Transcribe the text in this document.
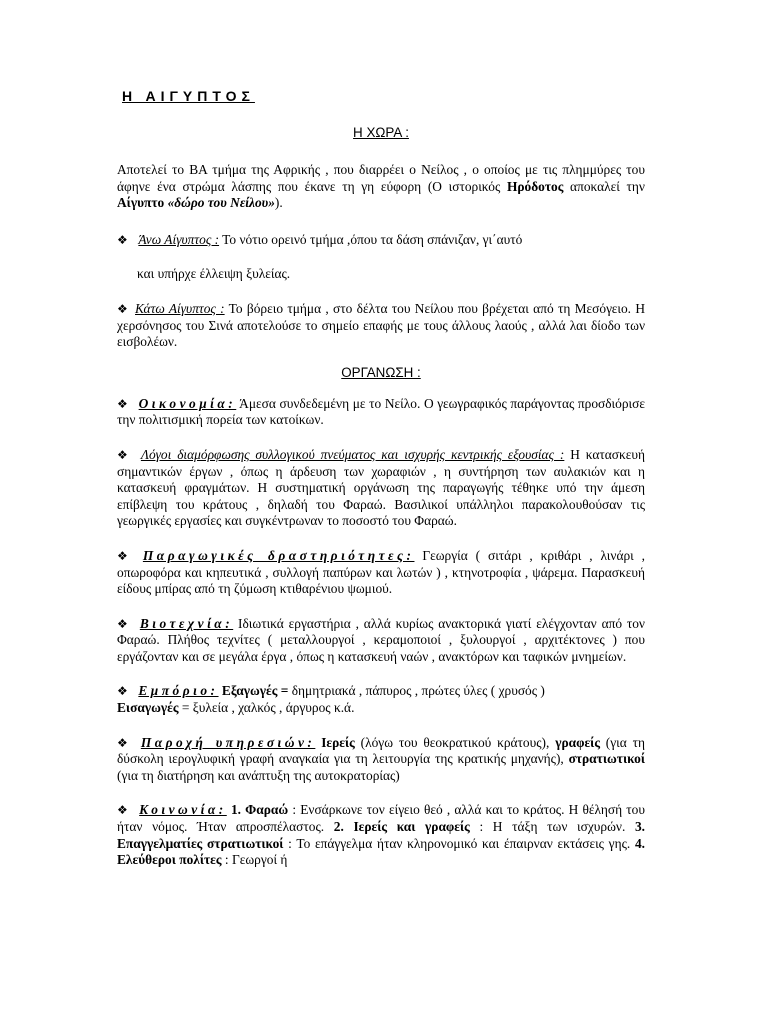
Η ΑΙΓΥΠΤΟΣ
Η ΧΩΡΑ :

Αποτελεί το ΒΑ τμήμα της Αφρικής , που διαρρέει ο Νείλος , ο οποίος με τις πλημμύρες του άφηνε ένα στρώμα λάσπης που έκανε τη γη εύφορη (Ο ιστορικός Ηρόδοτος αποκαλεί την Αίγυπτο «δώρο του Νείλου»).

❖ Άνω Αίγυπτος : Το νότιο ορεινό τμήμα ,όπου τα δάση σπάνιζαν, γι΄αυτό

και υπήρχε έλλειψη ξυλείας.

❖ Κάτω Αίγυπτος : Το βόρειο τμήμα , στο δέλτα του Νείλου που βρέχεται από τη Μεσόγειο. Η χερσόνησος του Σινά αποτελούσε το σημείο επαφής με τους άλλους λαούς , αλλά λαι δίοδο των εισβολέων.

ΟΡΓΑΝΩΣΗ :

❖ Οικονομία: Άμεσα συνδεδεμένη με το Νείλο. Ο γεωγραφικός παράγοντας προσδιόρισε την πολιτισμική πορεία των κατοίκων.

❖ Λόγοι διαμόρφωσης συλλογικού πνεύματος και ισχυρής κεντρικής εξουσίας : Η κατασκευή σημαντικών έργων , όπως η άρδευση των χωραφιών , η συντήρηση των αυλακιών και η κατασκευή φραγμάτων. Η συστηματική οργάνωση της παραγωγής τέθηκε υπό την άμεση επίβλεψη του κράτους , δηλαδή του Φαραώ. Βασιλικοί υπάλληλοι παρακολουθούσαν τις γεωργικές εργασίες και συγκέντρωναν το ποσοστό του Φαραώ.

❖ Παραγωγικές δραστηριότητες: Γεωργία ( σιτάρι , κριθάρι , λινάρι , οπωροφόρα και κηπευτικά , συλλογή παπύρων και λωτών ) , κτηνοτροφία , ψάρεμα. Παρασκευή είδους μπίρας από τη ζύμωση κτιθαρένιου ψωμιού.

❖ Βιοτεχνία: Ιδιωτικά εργαστήρια , αλλά κυρίως ανακτορικά γιατί ελέγχονταν από τον Φαραώ. Πλήθος τεχνίτες ( μεταλλουργοί , κεραμοποιοί , ξυλουργοί , αρχιτέκτονες ) που εργάζονταν και σε μεγάλα έργα , όπως η κατασκευή ναών , ανακτόρων και ταφικών μνημείων.

❖ Εμπόριο: Εξαγωγές = δημητριακά , πάπυρος , πρώτες ύλες ( χρυσός )
Εισαγωγές = ξυλεία , χαλκός , άργυρος κ.ά.

❖ Παροχή υπηρεσιών: Ιερείς (λόγω του θεοκρατικού κράτους), γραφείς (για τη δύσκολη ιερογλυφική γραφή αναγκαία για τη λειτουργία της κρατικής μηχανής), στρατιωτικοί (για τη διατήρηση και ανάπτυξη της αυτοκρατορίας)

❖ Κοινωνία: 1. Φαραώ : Ενσάρκωνε τον είγειο θεό , αλλά και το κράτος. Η θέλησή του ήταν νόμος. Ήταν απροσπέλαστος. 2. Ιερείς και γραφείς : Η τάξη των ισχυρών. 3. Επαγγελματίες στρατιωτικοί : Το επάγγελμα ήταν κληρονομικό και έπαιρναν εκτάσεις γης. 4. Ελεύθεροι πολίτες : Γεωργοί ή
